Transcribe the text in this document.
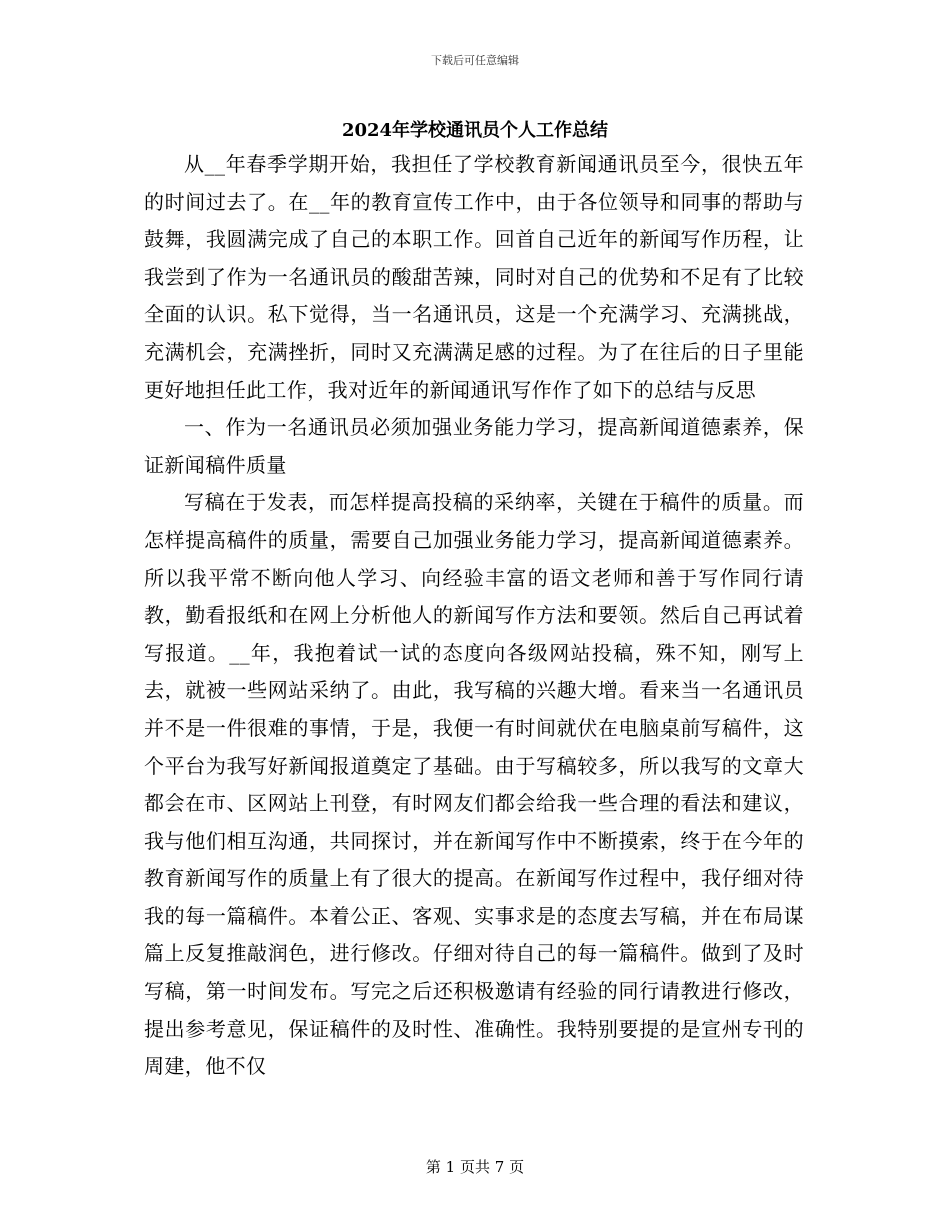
下载后可任意编辑
2024年学校通讯员个人工作总结

从__年春季学期开始，我担任了学校教育新闻通讯员至今，很快五年的时间过去了。在__年的教育宣传工作中，由于各位领导和同事的帮助与鼓舞，我圆满完成了自己的本职工作。回首自己近年的新闻写作历程，让我尝到了作为一名通讯员的酸甜苦辣，同时对自己的优势和不足有了比较全面的认识。私下觉得，当一名通讯员，这是一个充满学习、充满挑战，充满机会，充满挫折，同时又充满满足感的过程。为了在往后的日子里能更好地担任此工作，我对近年的新闻通讯写作作了如下的总结与反思

一、作为一名通讯员必须加强业务能力学习，提高新闻道德素养，保证新闻稿件质量

写稿在于发表，而怎样提高投稿的采纳率，关键在于稿件的质量。而怎样提高稿件的质量，需要自己加强业务能力学习，提高新闻道德素养。所以我平常不断向他人学习、向经验丰富的语文老师和善于写作同行请教，勤看报纸和在网上分析他人的新闻写作方法和要领。然后自己再试着写报道。__年，我抱着试一试的态度向各级网站投稿，殊不知，刚写上去，就被一些网站采纳了。由此，我写稿的兴趣大增。看来当一名通讯员并不是一件很难的事情，于是，我便一有时间就伏在电脑桌前写稿件，这个平台为我写好新闻报道奠定了基础。由于写稿较多，所以我写的文章大都会在市、区网站上刊登，有时网友们都会给我一些合理的看法和建议，我与他们相互沟通，共同探讨，并在新闻写作中不断摸索，终于在今年的教育新闻写作的质量上有了很大的提高。在新闻写作过程中，我仔细对待我的每一篇稿件。本着公正、客观、实事求是的态度去写稿，并在布局谋篇上反复推敲润色，进行修改。仔细对待自己的每一篇稿件。做到了及时写稿，第一时间发布。写完之后还积极邀请有经验的同行请教进行修改，提出参考意见，保证稿件的及时性、准确性。我特别要提的是宣州专刊的周建，他不仅

第 1 页共 7 页
